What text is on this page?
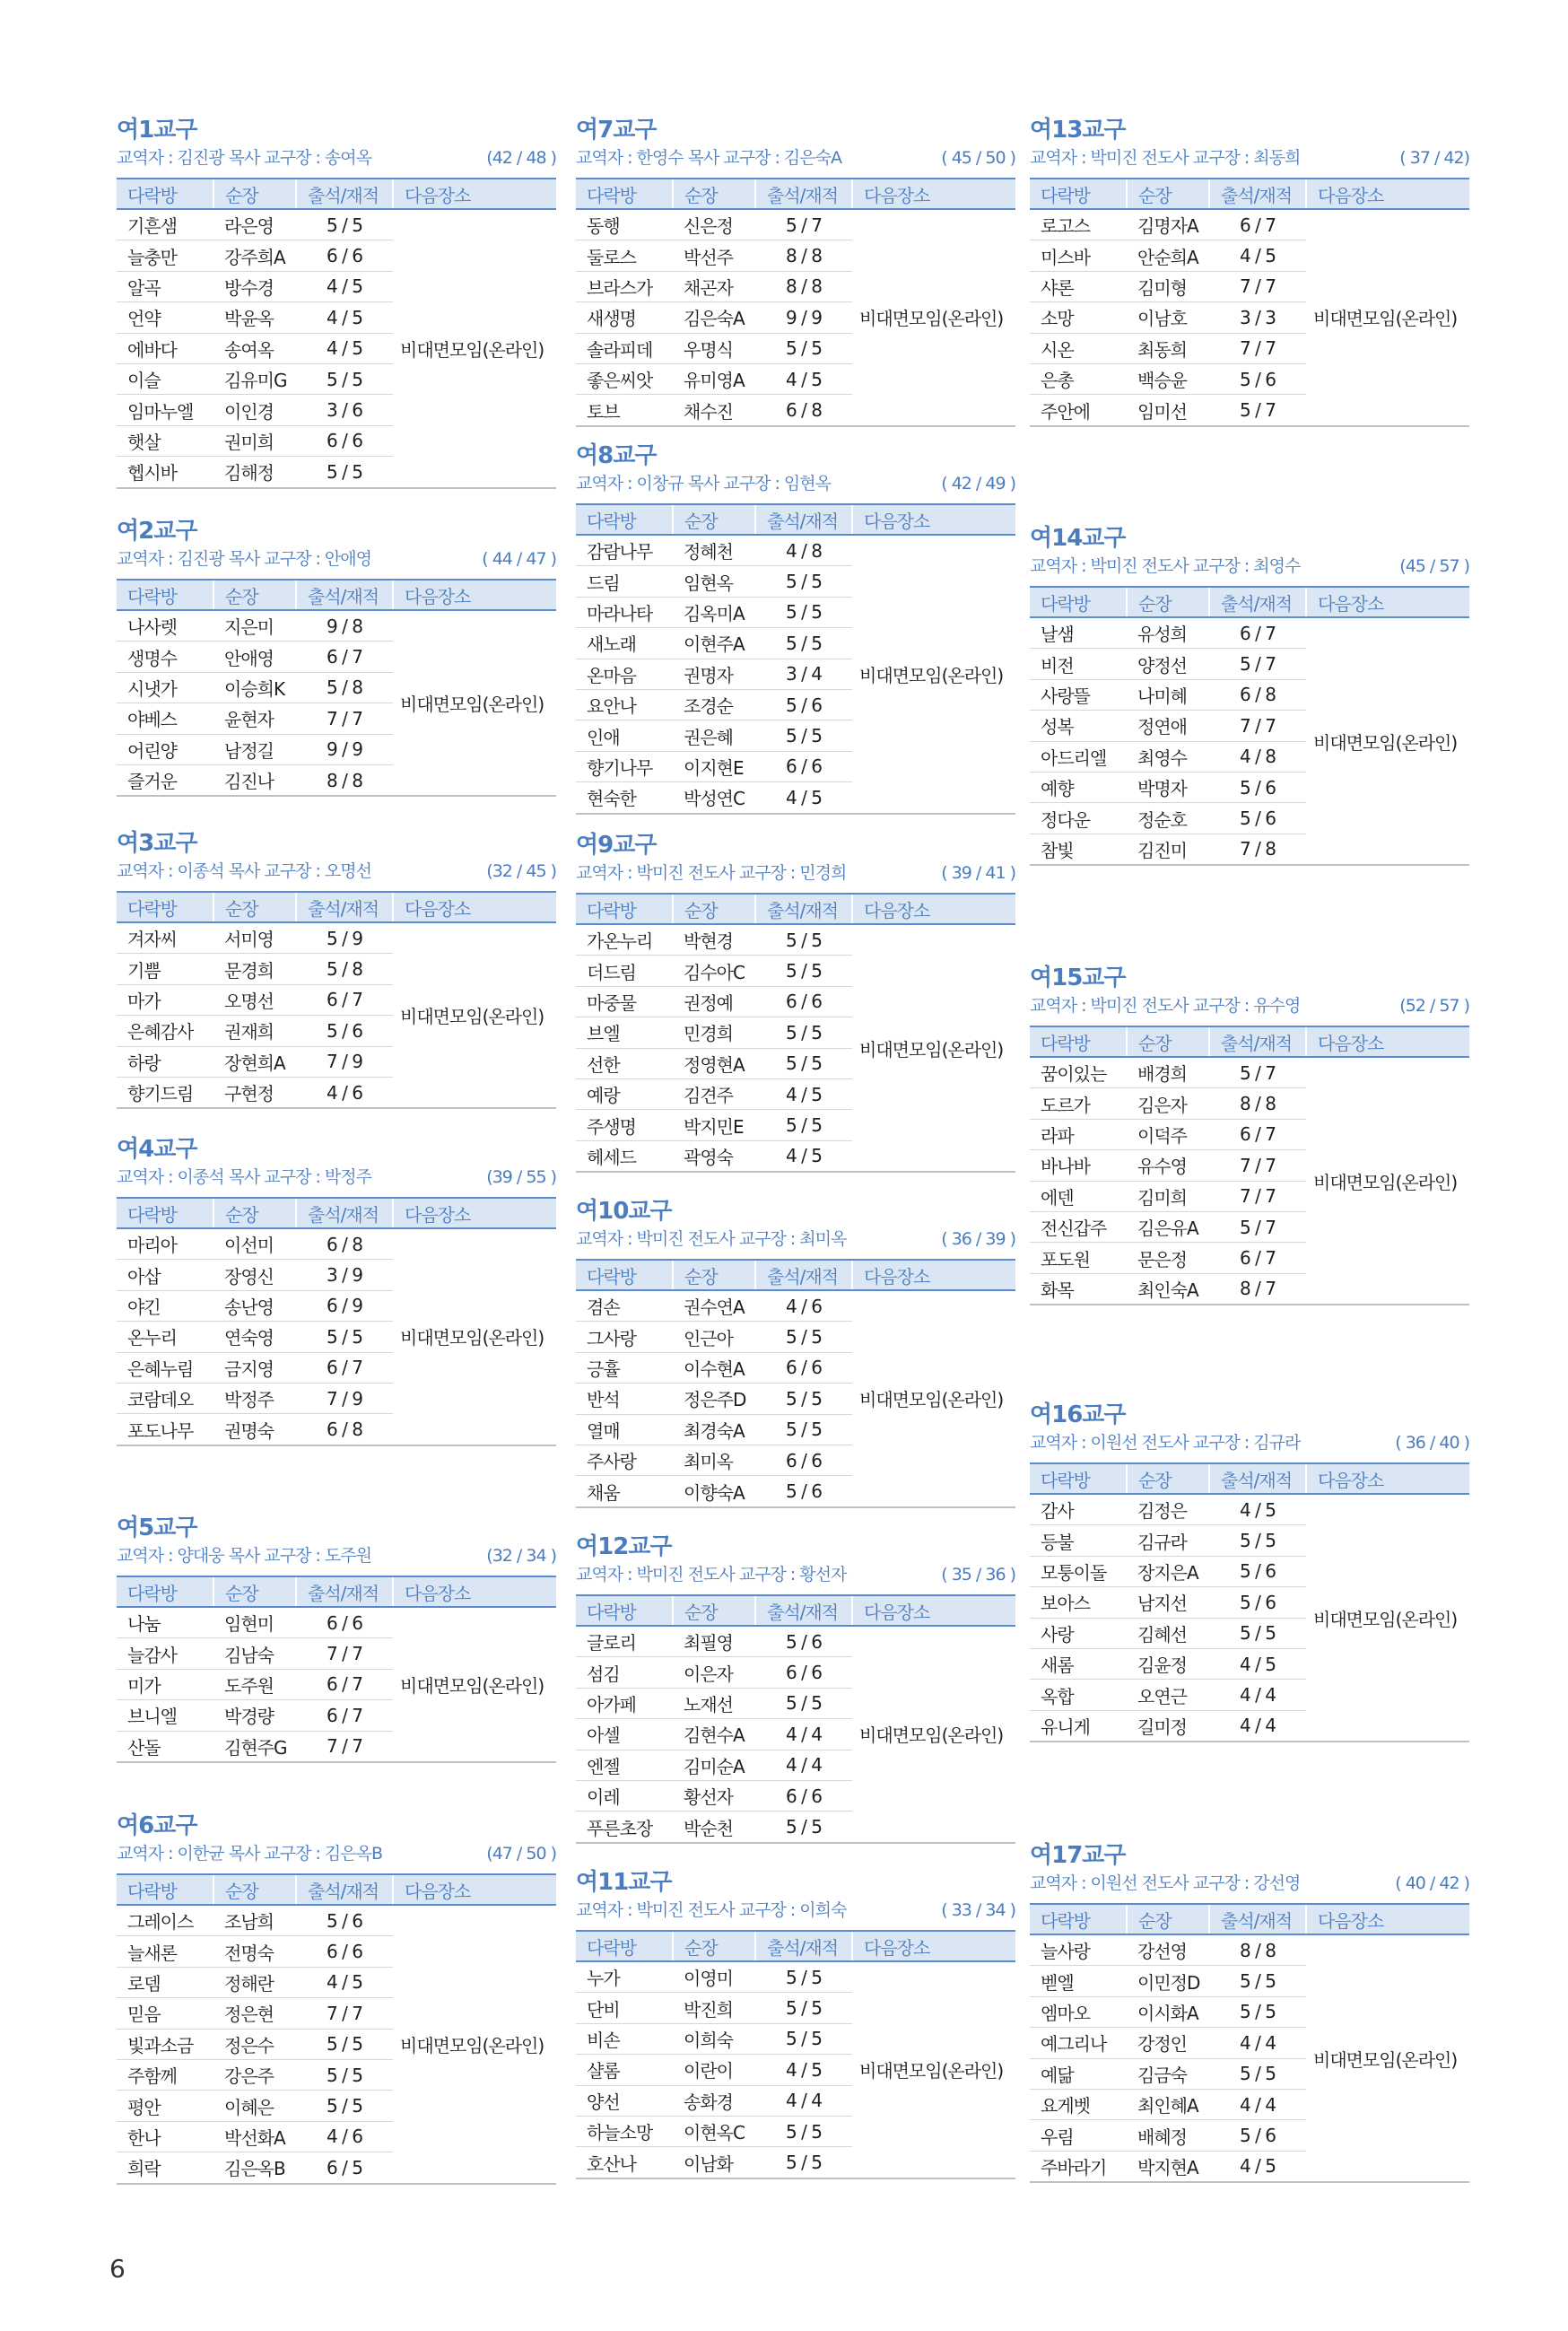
여1교구
교역자 : 김진광 목사 교구장 : 송여옥	(42 / 48 )
다락방	순장	출석/재적	다음장소
기흔샘	라은영	5 / 5	비대면모임(온라인)
늘충만	강주희A	6 / 6	
알곡	방수경	4 / 5	
언약	박윤옥	4 / 5	
에바다	송여옥	4 / 5	
이슬	김유미G	5 / 5	
임마누엘	이인경	3 / 6	
햇살	권미희	6 / 6	
헵시바	김해정	5 / 5	
여2교구
교역자 : 김진광 목사 교구장 : 안애영	( 44 / 47 )
다락방	순장	출석/재적	다음장소
나사렛	지은미	9 / 8	비대면모임(온라인)
생명수	안애영	6 / 7	
시냇가	이승희K	5 / 8	
야베스	윤현자	7 / 7	
어린양	남정길	9 / 9	
즐거운	김진나	8 / 8	
여3교구
교역자 : 이종석 목사 교구장 : 오명선	(32 / 45 )
다락방	순장	출석/재적	다음장소
겨자씨	서미영	5 / 9	비대면모임(온라인)
기쁨	문경희	5 / 8	
마가	오명선	6 / 7	
은혜감사	권재희	5 / 6	
하랑	장현희A	7 / 9	
향기드림	구현정	4 / 6	
여4교구
교역자 : 이종석 목사 교구장 : 박정주	(39 / 55 )
다락방	순장	출석/재적	다음장소
마리아	이선미	6 / 8	비대면모임(온라인)
아삽	장영신	3 / 9	
야긴	송난영	6 / 9	
온누리	연숙영	5 / 5	
은혜누림	금지영	6 / 7	
코람데오	박정주	7 / 9	
포도나무	권명숙	6 / 8	
여5교구
교역자 : 양대웅 목사 교구장 : 도주원	(32 / 34 )
다락방	순장	출석/재적	다음장소
나눔	임현미	6 / 6	비대면모임(온라인)
늘감사	김남숙	7 / 7	
미가	도주원	6 / 7	
브니엘	박경량	6 / 7	
산돌	김현주G	7 / 7	
여6교구
교역자 : 이한균 목사 교구장 : 김은옥B	(47 / 50 )
다락방	순장	출석/재적	다음장소
그레이스	조남희	5 / 6	비대면모임(온라인)
늘새론	전명숙	6 / 6	
로뎀	정해란	4 / 5	
믿음	정은현	7 / 7	
빛과소금	정은수	5 / 5	
주함께	강은주	5 / 5	
평안	이혜은	5 / 5	
한나	박선화A	4 / 6	
희락	김은옥B	6 / 5	
여7교구
교역자 : 한영수 목사 교구장 : 김은숙A	( 45 / 50 )
다락방	순장	출석/재적	다음장소
동행	신은정	5 / 7	비대면모임(온라인)
둘로스	박선주	8 / 8	
브라스가	채곤자	8 / 8	
새생명	김은숙A	9 / 9	
솔라피데	우명식	5 / 5	
좋은씨앗	유미영A	4 / 5	
토브	채수진	6 / 8	
여8교구
교역자 : 이창규 목사 교구장 : 임현옥	( 42 / 49 )
다락방	순장	출석/재적	다음장소
감람나무	정혜천	4 / 8	비대면모임(온라인)
드림	임현옥	5 / 5	
마라나타	김옥미A	5 / 5	
새노래	이현주A	5 / 5	
온마음	권명자	3 / 4	
요안나	조경순	5 / 6	
인애	권은혜	5 / 5	
향기나무	이지현E	6 / 6	
현숙한	박성연C	4 / 5	
여9교구
교역자 : 박미진 전도사 교구장 : 민경희	( 39 / 41 )
다락방	순장	출석/재적	다음장소
가온누리	박현경	5 / 5	비대면모임(온라인)
더드림	김수아C	5 / 5	
마중물	권정예	6 / 6	
브엘	민경희	5 / 5	
선한	정영현A	5 / 5	
예랑	김견주	4 / 5	
주생명	박지민E	5 / 5	
헤세드	곽영숙	4 / 5	
여10교구
교역자 : 박미진 전도사 교구장 : 최미옥	( 36 / 39 )
다락방	순장	출석/재적	다음장소
겸손	권수연A	4 / 6	비대면모임(온라인)
그사랑	인근아	5 / 5	
긍휼	이수현A	6 / 6	
반석	정은주D	5 / 5	
열매	최경숙A	5 / 5	
주사랑	최미옥	6 / 6	
채움	이향숙A	5 / 6	
여12교구
교역자 : 박미진 전도사 교구장 : 황선자	( 35 / 36 )
다락방	순장	출석/재적	다음장소
글로리	최필영	5 / 6	비대면모임(온라인)
섬김	이은자	6 / 6	
아가페	노재선	5 / 5	
아셀	김현수A	4 / 4	
엔젤	김미순A	4 / 4	
이레	황선자	6 / 6	
푸른초장	박순천	5 / 5	
여11교구
교역자 : 박미진 전도사 교구장 : 이희숙	( 33 / 34 )
다락방	순장	출석/재적	다음장소
누가	이영미	5 / 5	비대면모임(온라인)
단비	박진희	5 / 5	
비손	이희숙	5 / 5	
샬롬	이란이	4 / 5	
양선	송화경	4 / 4	
하늘소망	이현옥C	5 / 5	
호산나	이남화	5 / 5	
여13교구
교역자 : 박미진 전도사 교구장 : 최동희	( 37 / 42)
다락방	순장	출석/재적	다음장소
로고스	김명자A	6 / 7	비대면모임(온라인)
미스바	안순희A	4 / 5	
샤론	김미형	7 / 7	
소망	이남호	3 / 3	
시온	최동희	7 / 7	
은총	백승윤	5 / 6	
주안에	임미선	5 / 7	
여14교구
교역자 : 박미진 전도사 교구장 : 최영수	(45 / 57 )
다락방	순장	출석/재적	다음장소
날샘	유성희	6 / 7	비대면모임(온라인)
비전	양정선	5 / 7	
사랑뜰	나미혜	6 / 8	
성복	정연애	7 / 7	
아드리엘	최영수	4 / 8	
예향	박명자	5 / 6	
정다운	정순호	5 / 6	
참빛	김진미	7 / 8	
여15교구
교역자 : 박미진 전도사 교구장 : 유수영	(52 / 57 )
다락방	순장	출석/재적	다음장소
꿈이있는	배경희	5 / 7	비대면모임(온라인)
도르가	김은자	8 / 8	
라파	이덕주	6 / 7	
바나바	유수영	7 / 7	
에덴	김미희	7 / 7	
전신갑주	김은유A	5 / 7	
포도원	문은정	6 / 7	
화목	최인숙A	8 / 7	
여16교구
교역자 : 이원선 전도사 교구장 : 김규라	( 36 / 40 )
다락방	순장	출석/재적	다음장소
감사	김정은	4 / 5	비대면모임(온라인)
등불	김규라	5 / 5	
모퉁이돌	장지은A	5 / 6	
보아스	남지선	5 / 6	
사랑	김혜선	5 / 5	
새롬	김윤정	4 / 5	
옥합	오연근	4 / 4	
유니게	길미정	4 / 4	
여17교구
교역자 : 이원선 전도사 교구장 : 강선영	( 40 / 42 )
다락방	순장	출석/재적	다음장소
늘사랑	강선영	8 / 8	비대면모임(온라인)
벧엘	이민정D	5 / 5	
엠마오	이시화A	5 / 5	
예그리나	강정인	4 / 4	
예닮	김금숙	5 / 5	
요게벳	최인혜A	4 / 4	
우림	배혜정	5 / 6	
주바라기	박지현A	4 / 5	
6
